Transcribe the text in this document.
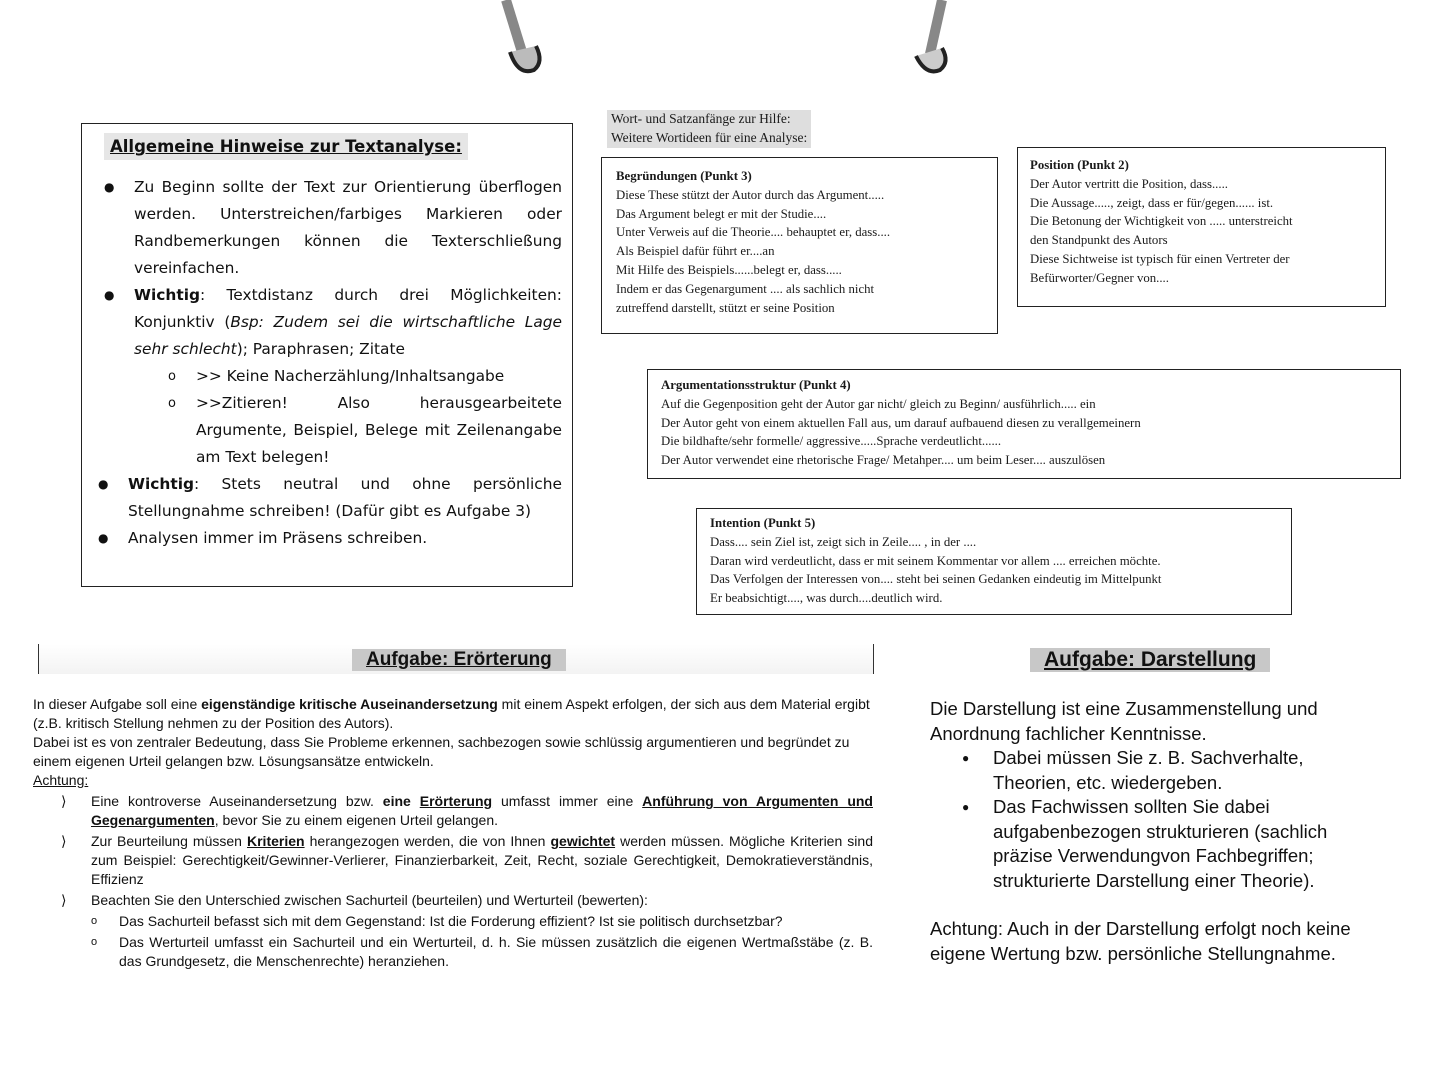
Allgemeine Hinweise zur Textanalyse:
● Zu Beginn sollte der Text zur Orientierung überflogen werden. Unterstreichen/farbiges Markieren oder Randbemerkungen können die Texterschließung vereinfachen.
● Wichtig: Textdistanz durch drei Möglichkeiten: Konjunktiv (Bsp: Zudem sei die wirtschaftliche Lage sehr schlecht); Paraphrasen; Zitate
o >> Keine Nacherzählung/Inhaltsangabe
o >>Zitieren! Also herausgearbeitete Argumente, Beispiel, Belege mit Zeilenangabe am Text belegen!
● Wichtig: Stets neutral und ohne persönliche Stellungnahme schreiben! (Dafür gibt es Aufgabe 3)
● Analysen immer im Präsens schreiben.
Wort- und Satzanfänge zur Hilfe:
Weitere Wortideen für eine Analyse:
Begründungen (Punkt 3)
Diese These stützt der Autor durch das Argument.....
Das Argument belegt er mit der Studie....
Unter Verweis auf die Theorie.... behauptet er, dass....
Als Beispiel dafür führt er....an
Mit Hilfe des Beispiels......belegt er, dass.....
Indem er das Gegenargument .... als sachlich nicht
zutreffend darstellt, stützt er seine Position
Position (Punkt 2)
Der Autor vertritt die Position, dass.....
Die Aussage....., zeigt, dass er für/gegen...... ist.
Die Betonung der Wichtigkeit von ..... unterstreicht
den Standpunkt des Autors
Diese Sichtweise ist typisch für einen Vertreter der
Befürworter/Gegner von....
Argumentationsstruktur (Punkt 4)
Auf die Gegenposition geht der Autor gar nicht/ gleich zu Beginn/ ausführlich..... ein
Der Autor geht von einem aktuellen Fall aus, um darauf aufbauend diesen zu verallgemeinern
Die bildhafte/sehr formelle/ aggressive.....Sprache verdeutlicht......
Der Autor verwendet eine rhetorische Frage/ Metahper.... um beim Leser.... auszulösen
Intention (Punkt 5)
Dass.... sein Ziel ist, zeigt sich in Zeile.... , in der ....
Daran wird verdeutlicht, dass er mit seinem Kommentar vor allem .... erreichen möchte.
Das Verfolgen der Interessen von.... steht bei seinen Gedanken eindeutig im Mittelpunkt
Er beabsichtigt...., was durch....deutlich wird.
Aufgabe: Erörterung

In dieser Aufgabe soll eine eigenständige kritische Auseinandersetzung mit einem Aspekt erfolgen, der sich aus dem Material ergibt (z.B. kritisch Stellung nehmen zu der Position des Autors).

Dabei ist es von zentraler Bedeutung, dass Sie Probleme erkennen, sachbezogen sowie schlüssig argumentieren und begründet zu einem eigenen Urteil gelangen bzw. Lösungsansätze entwickeln.

Achtung:

⟩ Eine kontroverse Auseinandersetzung bzw. eine Erörterung umfasst immer eine Anführung von Argumenten und Gegenargumenten, bevor Sie zu einem eigenen Urteil gelangen.
⟩ Zur Beurteilung müssen Kriterien herangezogen werden, die von Ihnen gewichtet werden müssen. Mögliche Kriterien sind zum Beispiel: Gerechtigkeit/Gewinner-Verlierer, Finanzierbarkeit, Zeit, Recht, soziale Gerechtigkeit, Demokratieverständnis, Effizienz
⟩ Beachten Sie den Unterschied zwischen Sachurteil (beurteilen) und Werturteil (bewerten):
o Das Sachurteil befasst sich mit dem Gegenstand: Ist die Forderung effizient? Ist sie politisch durchsetzbar?
o Das Werturteil umfasst ein Sachurteil und ein Werturteil, d. h. Sie müssen zusätzlich die eigenen Wertmaßstäbe (z. B. das Grundgesetz, die Menschenrechte) heranziehen.
Aufgabe: Darstellung

Die Darstellung ist eine Zusammenstellung und Anordnung fachlicher Kenntnisse.

● Dabei müssen Sie z. B. Sachverhalte, Theorien, etc. wiedergeben.
● Das Fachwissen sollten Sie dabei aufgabenbezogen strukturieren (sachlich präzise Verwendungvon Fachbegriffen; strukturierte Darstellung einer Theorie).

Achtung: Auch in der Darstellung erfolgt noch keine eigene Wertung bzw. persönliche Stellungnahme.
